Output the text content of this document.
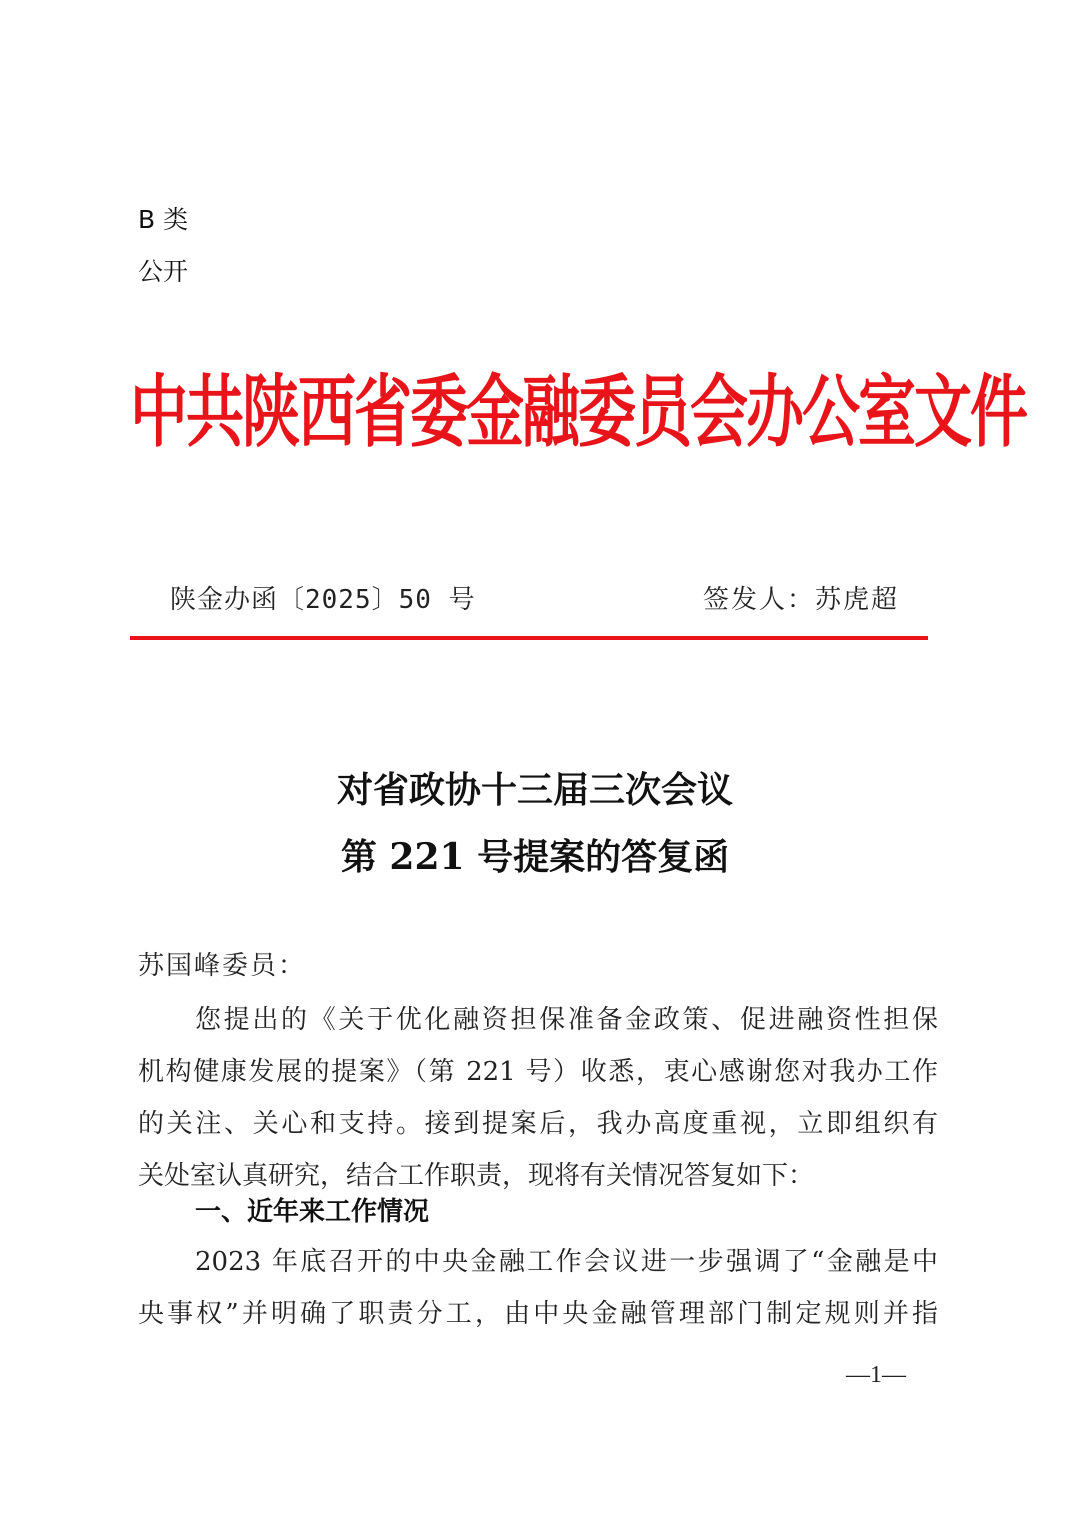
B 类
公开
中共陕西省委金融委员会办公室文件
陕金办函〔2025〕50 号	签发人：苏虎超
对省政协十三届三次会议
第 221 号提案的答复函
苏国峰委员：
您提出的《关于优化融资担保准备金政策、促进融资性担保
机构健康发展的提案》（第 221 号）收悉，衷心感谢您对我办工作
的关注、关心和支持。接到提案后，我办高度重视，立即组织有
关处室认真研究，结合工作职责，现将有关情况答复如下：
一、近年来工作情况
2023 年底召开的中央金融工作会议进一步强调了“金融是中
央事权”并明确了职责分工，由中央金融管理部门制定规则并指
—1—
